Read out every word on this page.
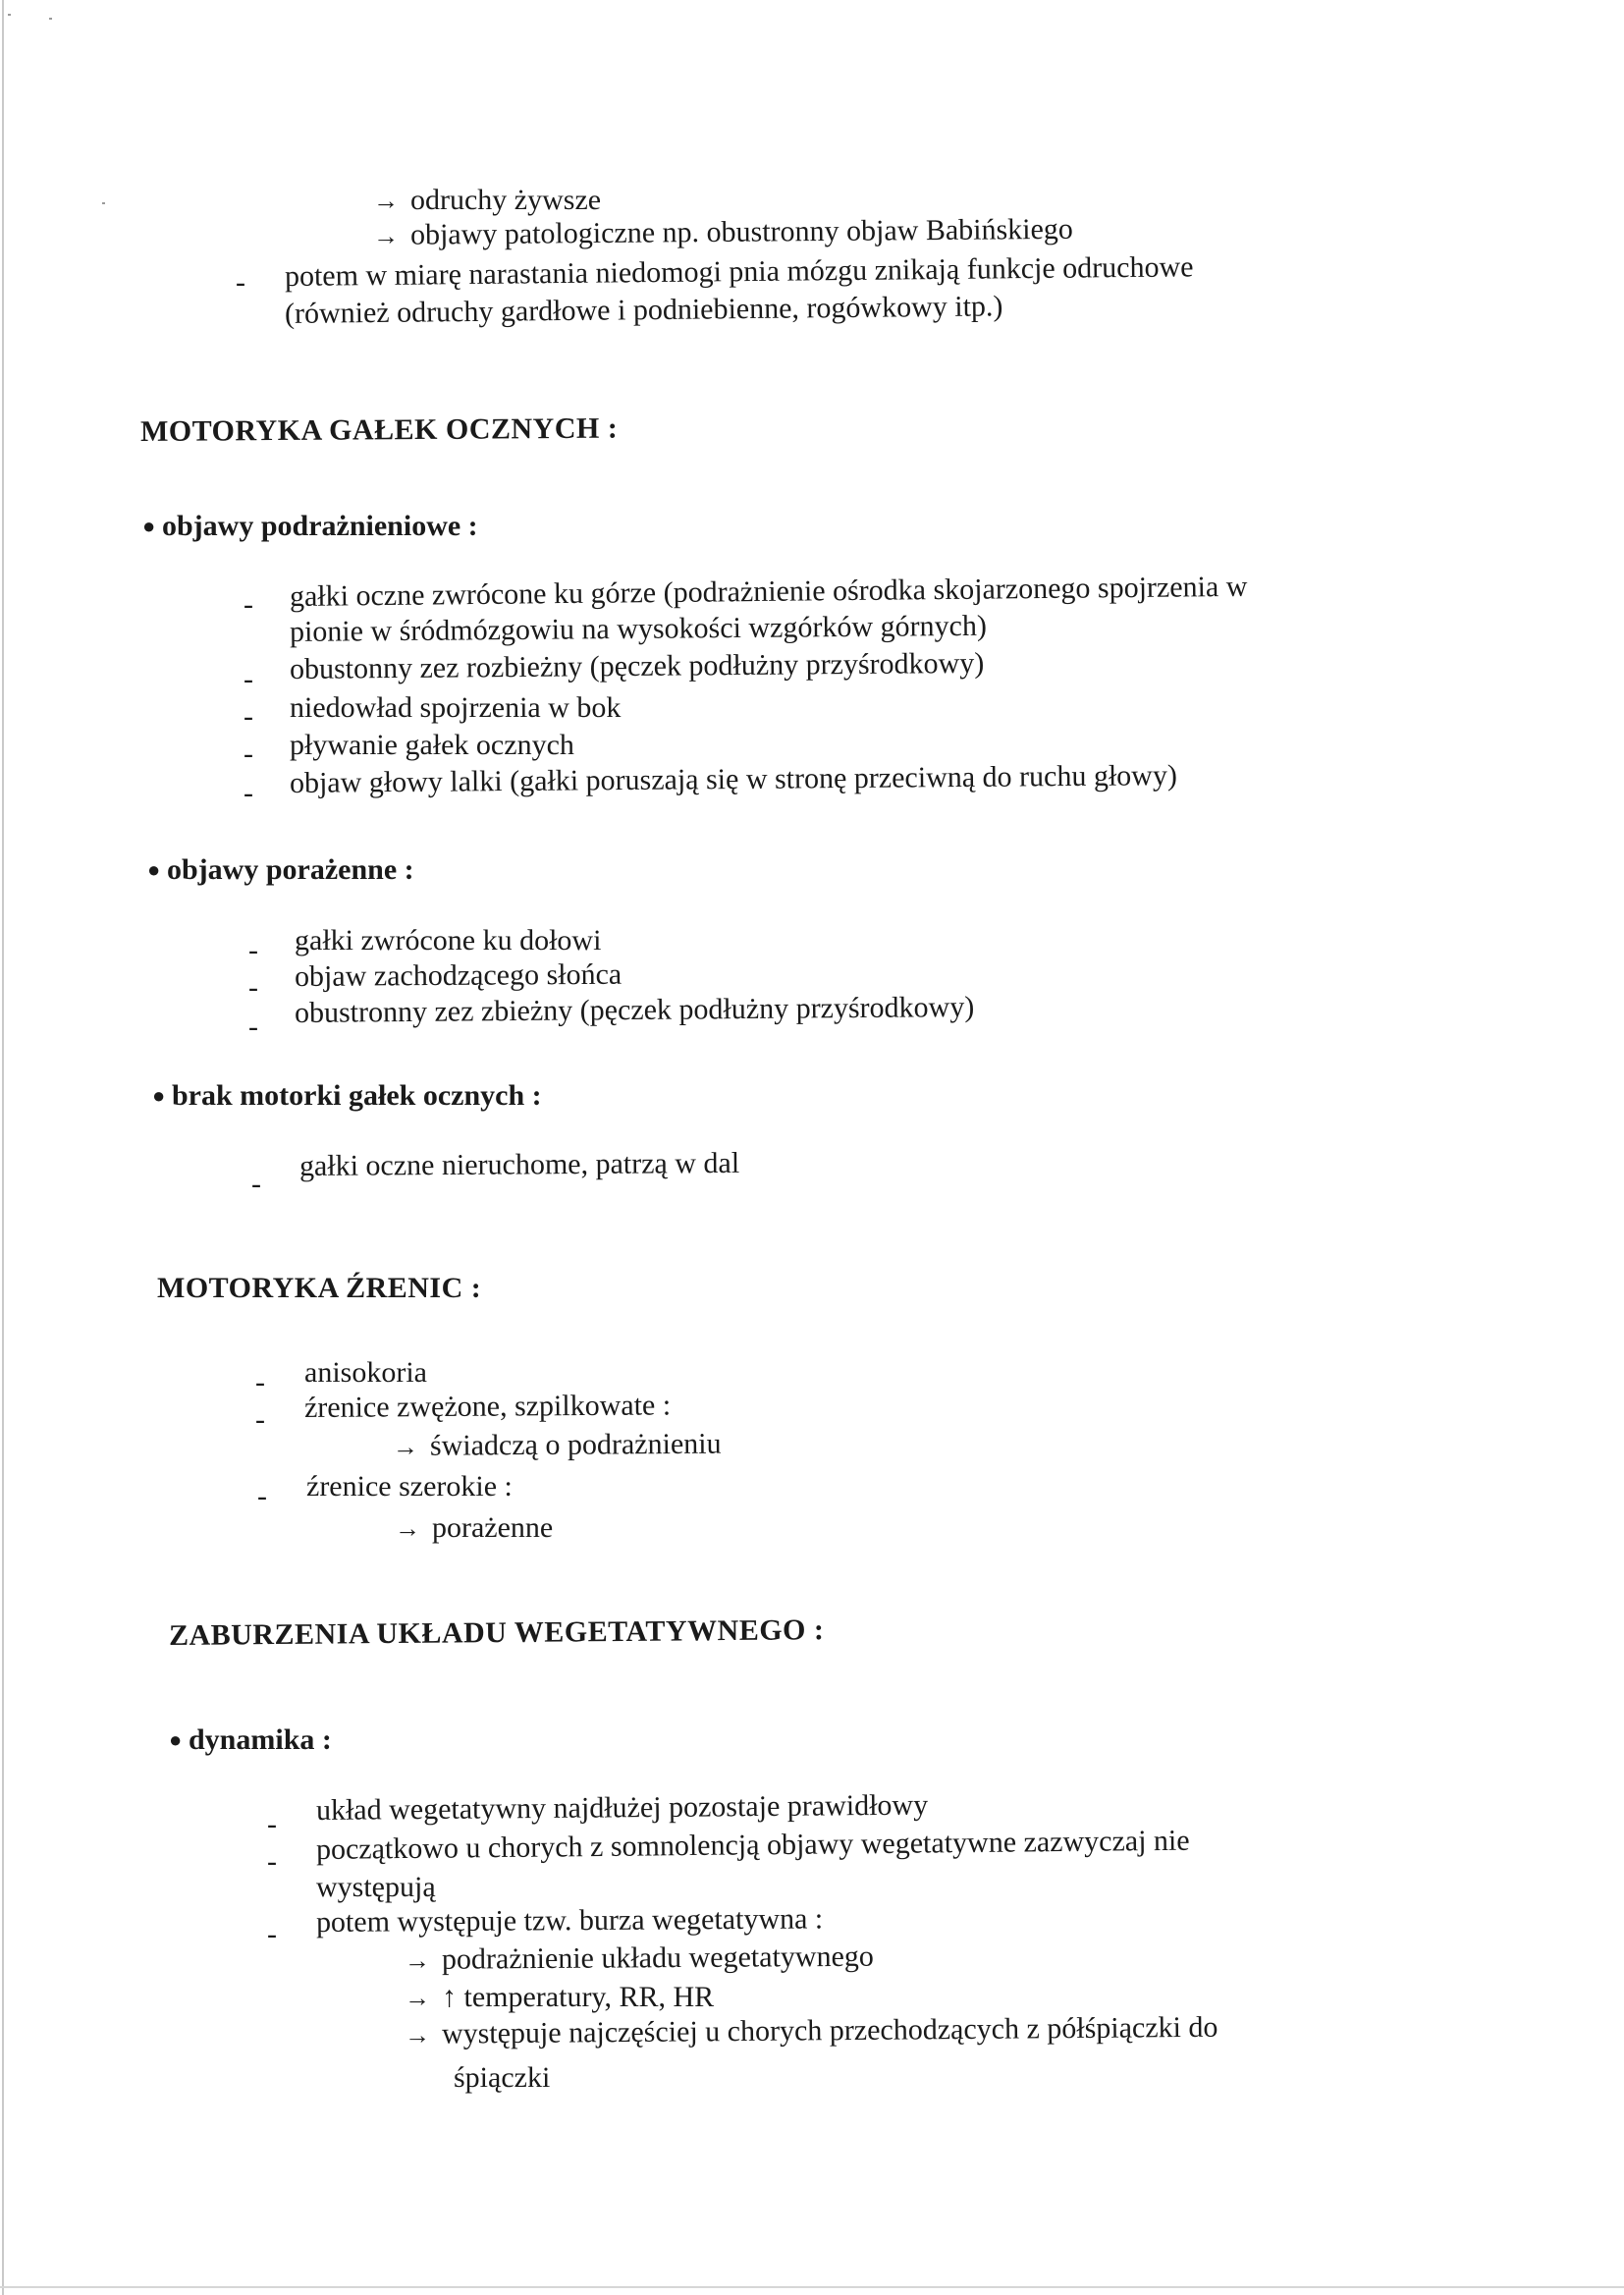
→ odruchy żywsze
→ objawy patologiczne np. obustronny objaw Babińskiego
- potem w miarę narastania niedomogi pnia mózgu znikają funkcje odruchowe
(również odruchy gardłowe i podniebienne, rogówkowy itp.)
MOTORYKA GAŁEK OCZNYCH :
● objawy podrażnieniowe :
- gałki oczne zwrócone ku górze (podrażnienie ośrodka skojarzonego spojrzenia w
pionie w śródmózgowiu na wysokości wzgórków górnych)
- obustonny zez rozbieżny (pęczek podłużny przyśrodkowy)
- niedowład spojrzenia w bok
- pływanie gałek ocznych
- objaw głowy lalki (gałki poruszają się w stronę przeciwną do ruchu głowy)
● objawy porażenne :
- gałki zwrócone ku dołowi
- objaw zachodzącego słońca
- obustronny zez zbieżny (pęczek podłużny przyśrodkowy)
● brak motorki gałek ocznych :
-
gałki oczne nieruchome, patrzą w dal
MOTORYKA ŹRENIC :
- anisokoria
- źrenice zwężone, szpilkowate :
→ świadczą o podrażnieniu
- źrenice szerokie :
→ porażenne
ZABURZENIA UKŁADU WEGETATYWNEGO :
● dynamika :
- układ wegetatywny najdłużej pozostaje prawidłowy
- początkowo u chorych z somnolencją objawy wegetatywne zazwyczaj nie
występują
- potem występuje tzw. burza wegetatywna :
→ podrażnienie układu wegetatywnego
→ ↑ temperatury, RR, HR
→ występuje najczęściej u chorych przechodzących z półśpiączki do
śpiączki
